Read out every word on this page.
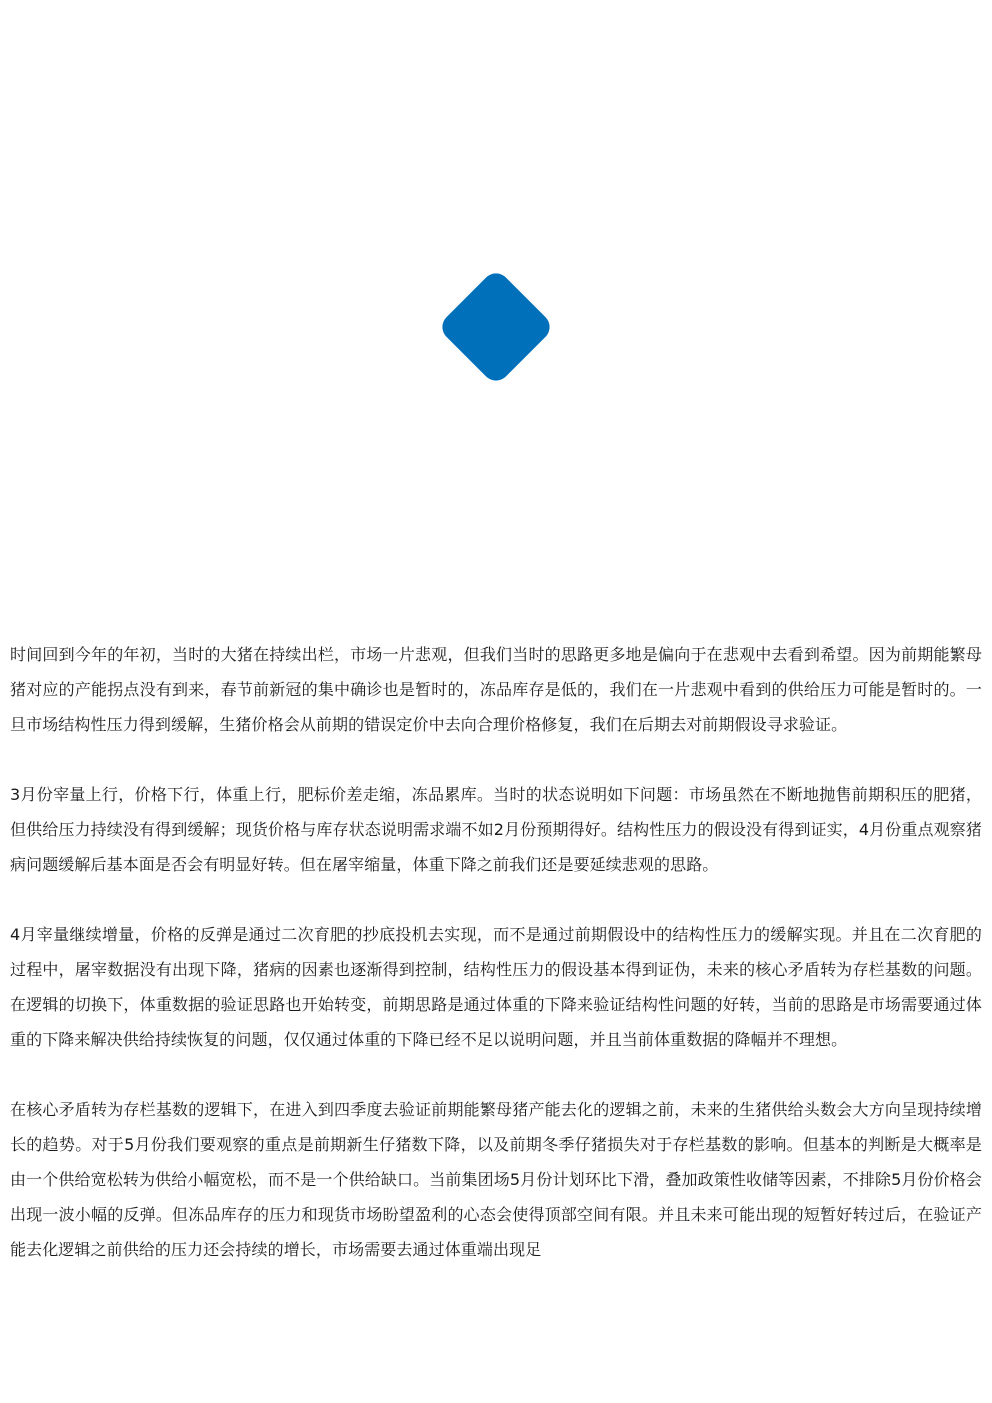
时间回到今年的年初，当时的大猪在持续出栏，市场一片悲观，但我们当时的思路更多地是偏向于在悲观中去看到希望。因为前期能繁母猪对应的产能拐点没有到来，春节前新冠的集中确诊也是暂时的，冻品库存是低的，我们在一片悲观中看到的供给压力可能是暂时的。一旦市场结构性压力得到缓解，生猪价格会从前期的错误定价中去向合理价格修复，我们在后期去对前期假设寻求验证。

3月份宰量上行，价格下行，体重上行，肥标价差走缩，冻品累库。当时的状态说明如下问题：市场虽然在不断地抛售前期积压的肥猪，但供给压力持续没有得到缓解；现货价格与库存状态说明需求端不如2月份预期得好。结构性压力的假设没有得到证实，4月份重点观察猪病问题缓解后基本面是否会有明显好转。但在屠宰缩量，体重下降之前我们还是要延续悲观的思路。

4月宰量继续增量，价格的反弹是通过二次育肥的抄底投机去实现，而不是通过前期假设中的结构性压力的缓解实现。并且在二次育肥的过程中，屠宰数据没有出现下降，猪病的因素也逐渐得到控制，结构性压力的假设基本得到证伪，未来的核心矛盾转为存栏基数的问题。在逻辑的切换下，体重数据的验证思路也开始转变，前期思路是通过体重的下降来验证结构性问题的好转，当前的思路是市场需要通过体重的下降来解决供给持续恢复的问题，仅仅通过体重的下降已经不足以说明问题，并且当前体重数据的降幅并不理想。

在核心矛盾转为存栏基数的逻辑下，在进入到四季度去验证前期能繁母猪产能去化的逻辑之前，未来的生猪供给头数会大方向呈现持续增长的趋势。对于5月份我们要观察的重点是前期新生仔猪数下降，以及前期冬季仔猪损失对于存栏基数的影响。但基本的判断是大概率是由一个供给宽松转为供给小幅宽松，而不是一个供给缺口。当前集团场5月份计划环比下滑，叠加政策性收储等因素，不排除5月份价格会出现一波小幅的反弹。但冻品库存的压力和现货市场盼望盈利的心态会使得顶部空间有限。并且未来可能出现的短暂好转过后，在验证产能去化逻辑之前供给的压力还会持续的增长，市场需要去通过体重端出现足
